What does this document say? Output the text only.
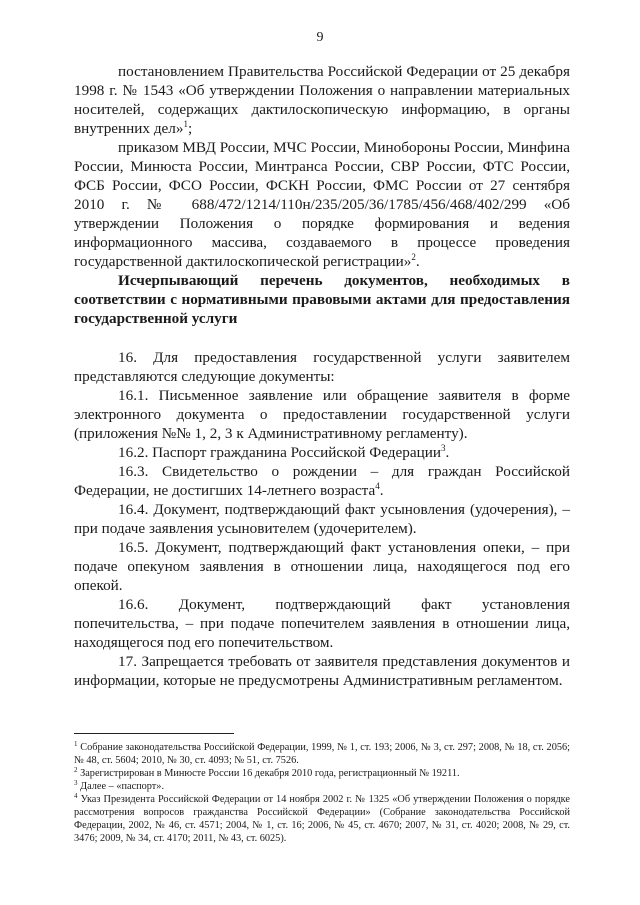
9

постановлением Правительства Российской Федерации от 25 декабря 1998 г. № 1543 «Об утверждении Положения о направлении материальных носителей, содержащих дактилоскопическую информацию, в органы внутренних дел»$^1$;

приказом МВД России, МЧС России, Минобороны России, Минфина России, Минюста России, Минтранса России, СВР России, ФТС России, ФСБ России, ФСО России, ФСКН России, ФМС России от 27 сентября 2010 г. № 688/472/1214/110н/235/205/36/1785/456/468/402/299 «Об утверждении Положения о порядке формирования и ведения информационного массива, создаваемого в процессе проведения государственной дактилоскопической регистрации»$^2$.

Исчерпывающий перечень документов, необходимых в соответствии с нормативными правовыми актами для предоставления государственной услуги

16. Для предоставления государственной услуги заявителем представляются следующие документы:

16.1. Письменное заявление или обращение заявителя в форме электронного документа о предоставлении государственной услуги (приложения №№ 1, 2, 3 к Административному регламенту).

16.2. Паспорт гражданина Российской Федерации$^3$.

16.3. Свидетельство о рождении – для граждан Российской Федерации, не достигших 14-летнего возраста$^4$.

16.4. Документ, подтверждающий факт усыновления (удочерения), – при подаче заявления усыновителем (удочерителем).

16.5. Документ, подтверждающий факт установления опеки, – при подаче опекуном заявления в отношении лица, находящегося под его опекой.

16.6. Документ, подтверждающий факт установления попечительства, – при подаче попечителем заявления в отношении лица, находящегося под его попечительством.

17. Запрещается требовать от заявителя представления документов и информации, которые не предусмотрены Административным регламентом.

$^1$ Собрание законодательства Российской Федерации, 1999, № 1, ст. 193; 2006, № 3, ст. 297; 2008, № 18, ст. 2056; № 48, ст. 5604; 2010, № 30, ст. 4093; № 51, ст. 7526.

$^2$ Зарегистрирован в Минюсте России 16 декабря 2010 года, регистрационный № 19211.

$^3$ Далее – «паспорт».

$^4$ Указ Президента Российской Федерации от 14 ноября 2002 г. № 1325 «Об утверждении Положения о порядке рассмотрения вопросов гражданства Российской Федерации» (Собрание законодательства Российской Федерации, 2002, № 46, ст. 4571; 2004, № 1, ст. 16; 2006, № 45, ст. 4670; 2007, № 31, ст. 4020; 2008, № 29, ст. 3476; 2009, № 34, ст. 4170; 2011, № 43, ст. 6025).
